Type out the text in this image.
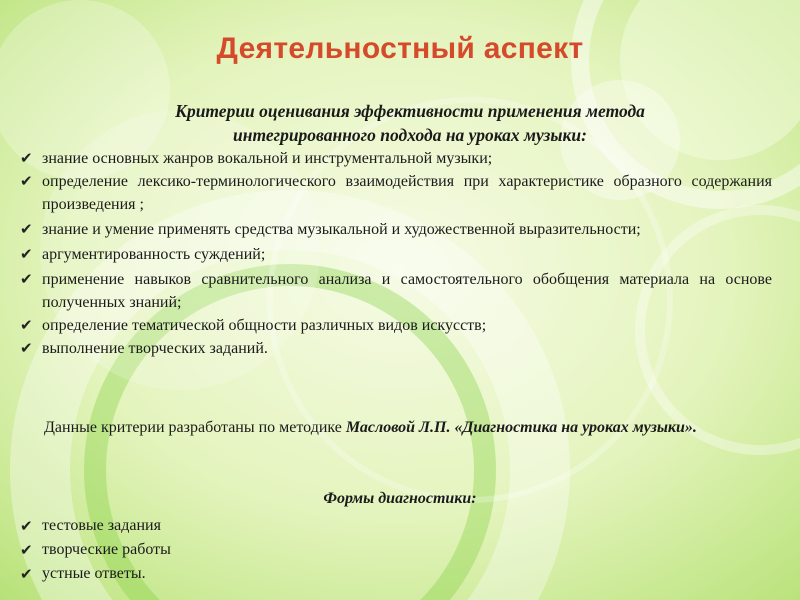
Деятельностный аспект
Критерии оценивания эффективности применения метода
интегрированного подхода на уроках музыки:
✔ знание основных жанров вокальной и инструментальной музыки;
✔ определение лексико-терминологического взаимодействия при характеристике образного содержания произведения ;
✔ знание и умение применять средства музыкальной и художественной выразительности;
✔ аргументированность суждений;
✔ применение навыков сравнительного анализа и самостоятельного обобщения материала на основе полученных знаний;
✔ определение тематической общности различных видов искусств;
✔ выполнение творческих заданий.
Данные критерии разработаны по методике Масловой Л.П. «Диагностика на уроках музыки».
Формы диагностики:
✔ тестовые задания
✔ творческие работы
✔ устные ответы.
